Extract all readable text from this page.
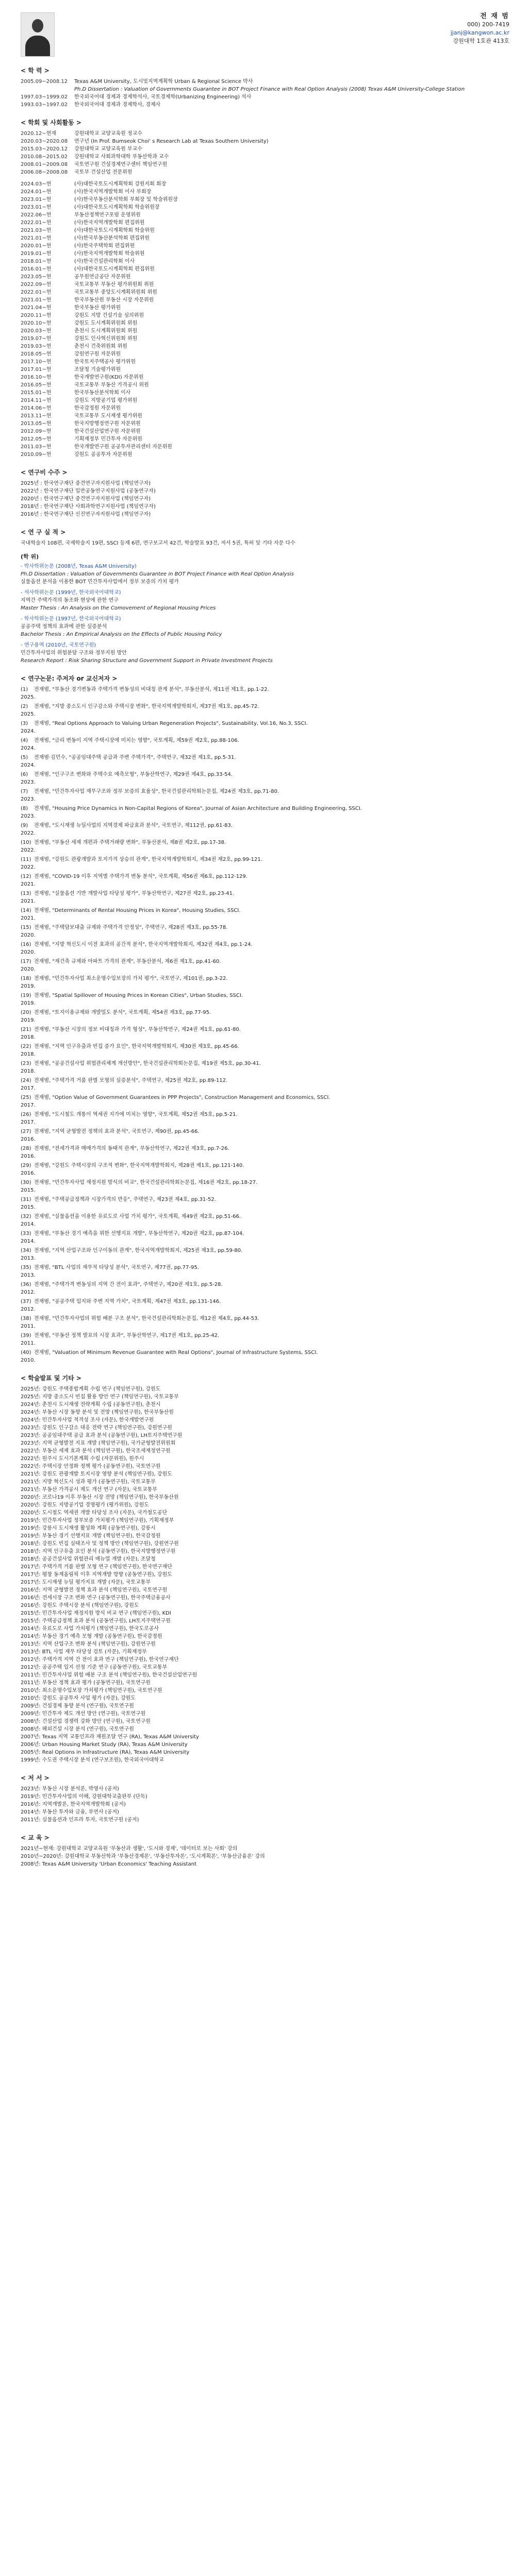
전 재 범
000) 200-7419
jjanj@kangwon.ac.kr
강원대학 1호관 413호
< 학 력 >
2005.09~2008.12	Texas A&M University, 도시및지역계획학 Urban & Regional Science 박사
Ph.D Dissertation : Valuation of Governments Guarantee in BOT Project Finance with Real Option Analysis (2008) Texas A&M University-College Station
1997.03~1999.02	한국외국어대 경제과 경제학석사, 국토경제학(Urbanizing Engineering) 석사
1993.03~1997.02	한국외국어대 경제과 경제학사, 경제사
< 학회 및 사회활동 >
2020.12~현재	강원대학교 교양교육원 정교수
2020.03~2020.08	연구년 (In Prof. Bumseok Choi' s Research Lab at Texas Southern University)
2015.03~2020.12	강원대학교 교양교육원 부교수
2010.08~2015.02	강원대학교 사회과학대학 부동산학과 교수
2008.01~2009.08	국토연구원 건설경제연구센터 책임연구원
2006.08~2008.08	국토부 건설산업 전문위원
2024.03~현	(사)대한국토도시계획학회 강원지회 회장
2024.01~현	(사)한국지역개발학회 이사 부회장
2023.01~현	(사)한국부동산분석학회 부회장 및 학술위원장
2023.01~현	(사)대한국토도시계획학회 학술위원장
2022.06~현	부동산정책연구포럼 운영위원
2022.01~현	(사)한국지역개발학회 편집위원
2021.03~현	(사)대한국토도시계획학회 학술위원
2021.01~현	(사)한국부동산분석학회 편집위원
2020.01~현	(사)한국주택학회 편집위원
2019.01~현	(사)한국지역개발학회 학술위원
2018.01~현	(사)한국건설관리학회 이사
2016.01~현	(사)대한국토도시계획학회 편집위원
2023.05~현	공무원연금공단 자문위원
2022.09~현	국토교통부 부동산 평가위원회 위원
2022.01~현	국토교통부 중앙도시계획위원회 위원
2021.01~현	한국부동산원 부동산 시장 자문위원
2021.04~현	한국부동산 평가위원
2020.11~현	강원도 지방 건설기술 심의위원
2020.10~현	강원도 도시계획위원회 위원
2020.03~현	춘천시 도시계획위원회 위원
2019.07~현	강원도 인사혁신위원회 위원
2019.03~현	춘천시 건축위원회 위원
2018.05~현	강원연구원 자문위원
2017.10~현	한국토지주택공사 평가위원
2017.01~현	조달청 기술평가위원
2016.10~현	한국개발연구원(KDI) 자문위원
2016.05~현	국토교통부 부동산 가격공시 위원
2015.01~현	한국부동산분석학회 이사
2014.11~현	강원도 지방공기업 평가위원
2014.06~현	한국감정원 자문위원
2013.11~현	국토교통부 도시재생 평가위원
2013.05~현	한국지방행정연구원 자문위원
2012.09~현	한국건설산업연구원 자문위원
2012.05~현	기획재정부 민간투자 자문위원
2011.03~현	한국개발연구원 공공투자관리센터 자문위원
2010.09~현	강원도 공공투자 자문위원
< 연구비 수주 >
2025년 : 한국연구재단 중견연구자지원사업 (책임연구자)
2022년 : 한국연구재단 일반공동연구지원사업 (공동연구자)
2020년 : 한국연구재단 중견연구자지원사업 (책임연구자)
2018년 : 한국연구재단 사회과학연구지원사업 (책임연구자)
2016년 : 한국연구재단 신진연구자지원사업 (책임연구자)
< 연 구 실 적 >
국내학술지 108편, 국제학술지 19편, SSCI 등재 6편, 연구보고서 42건, 학술발표 93건, 저서 5권, 특허 및 기타 자문 다수
(학 위)
- 박사학위논문 (2008년, Texas A&M University)
Ph.D Dissertation : Valuation of Governments Guarantee in BOT Project Finance with Real Option Analysis
실물옵션 분석을 이용한 BOT 민간투자사업에서 정부 보증의 가치 평가
- 석사학위논문 (1999년, 한국외국어대학교)
지역간 주택가격의 동조화 현상에 관한 연구
Master Thesis : An Analysis on the Comovement of Regional Housing Prices
- 학사학위논문 (1997년, 한국외국어대학교)
공공주택 정책의 효과에 관한 실증분석
Bachelor Thesis : An Empirical Analysis on the Effects of Public Housing Policy
- 연구용역 (2010년, 국토연구원)
민간투자사업의 위험분담 구조와 정부지원 방안
Research Report : Risk Sharing Structure and Government Support in Private Investment Projects
< 연구논문: 주저자 or 교신저자 >
(1) 2025.
전재범, "부동산 경기변동과 주택가격 변동성의 비대칭 관계 분석", 부동산분석, 제11권 제1호, pp.1-22.
(2) 2025.
전재범, "지방 중소도시 인구감소와 주택시장 변화", 한국지역개발학회지, 제37권 제1호, pp.45-72.
(3) 2024.
전재범, "Real Options Approach to Valuing Urban Regeneration Projects", Sustainability, Vol.16, No.3, SSCI.
(4) 2024.
전재범, "금리 변동이 지역 주택시장에 미치는 영향", 국토계획, 제59권 제2호, pp.88-106.
(5) 2024.
전재범·김민수, "공공임대주택 공급과 주변 주택가격", 주택연구, 제32권 제1호, pp.5-31.
(6) 2023.
전재범, "인구구조 변화와 주택수요 예측모형", 부동산학연구, 제29권 제4호, pp.33-54.
(7) 2023.
전재범, "민간투자사업 재무구조와 정부 보증의 효율성", 한국건설관리학회논문집, 제24권 제3호, pp.71-80.
(8) 2023.
전재범, "Housing Price Dynamics in Non-Capital Regions of Korea", Journal of Asian Architecture and Building Engineering, SSCI.
(9) 2022.
전재범, "도시재생 뉴딜사업의 지역경제 파급효과 분석", 국토연구, 제112권, pp.61-83.
(10) 2022.
전재범, "부동산 세제 개편과 주택거래량 변화", 부동산분석, 제8권 제2호, pp.17-38.
(11) 2022.
전재범, "강원도 관광개발과 토지가격 상승의 관계", 한국지역개발학회지, 제34권 제2호, pp.99-121.
(12) 2021.
전재범, "COVID-19 이후 지역별 주택가격 변동 분석", 국토계획, 제56권 제6호, pp.112-129.
(13) 2021.
전재범, "실물옵션 기반 개발사업 타당성 평가", 부동산학연구, 제27권 제2호, pp.23-41.
(14) 2021.
전재범, "Determinants of Rental Housing Prices in Korea", Housing Studies, SSCI.
(15) 2020.
전재범, "주택담보대출 규제와 주택가격 안정성", 주택연구, 제28권 제3호, pp.55-78.
(16) 2020.
전재범, "지방 혁신도시 이전 효과의 공간적 분석", 한국지역개발학회지, 제32권 제4호, pp.1-24.
(17) 2020.
전재범, "재건축 규제와 아파트 가격의 관계", 부동산분석, 제6권 제1호, pp.41-60.
(18) 2019.
전재범, "민간투자사업 최소운영수입보장의 가치 평가", 국토연구, 제101권, pp.3-22.
(19) 2019.
전재범, "Spatial Spillover of Housing Prices in Korean Cities", Urban Studies, SSCI.
(20) 2019.
전재범, "토지이용규제와 개발밀도 분석", 국토계획, 제54권 제3호, pp.77-95.
(21) 2018.
전재범, "부동산 시장의 정보 비대칭과 가격 형성", 부동산학연구, 제24권 제1호, pp.61-80.
(22) 2018.
전재범, "지역 인구유출과 빈집 증가 요인", 한국지역개발학회지, 제30권 제3호, pp.45-66.
(23) 2018.
전재범, "공공건설사업 위험관리체계 개선방안", 한국건설관리학회논문집, 제19권 제5호, pp.30-41.
(24) 2017.
전재범, "주택가격 거품 판별 모형의 실증분석", 주택연구, 제25권 제2호, pp.89-112.
(25) 2017.
전재범, "Option Value of Government Guarantees in PPP Projects", Construction Management and Economics, SSCI.
(26) 2017.
전재범, "도시철도 개통이 역세권 지가에 미치는 영향", 국토계획, 제52권 제5호, pp.5-21.
(27) 2016.
전재범, "지역 균형발전 정책의 효과 분석", 국토연구, 제90권, pp.45-66.
(28) 2016.
전재범, "전세가격과 매매가격의 동태적 관계", 부동산학연구, 제22권 제3호, pp.7-26.
(29) 2016.
전재범, "강원도 주택시장의 구조적 변화", 한국지역개발학회지, 제28권 제1호, pp.121-140.
(30) 2015.
전재범, "민간투자사업 재정지원 방식의 비교", 한국건설관리학회논문집, 제16권 제2호, pp.18-27.
(31) 2015.
전재범, "주택공급정책과 시장가격의 반응", 주택연구, 제23권 제4호, pp.31-52.
(32) 2014.
전재범, "실물옵션을 이용한 유료도로 사업 가치 평가", 국토계획, 제49권 제2호, pp.51-66.
(33) 2014.
전재범, "부동산 경기 예측을 위한 선행지표 개발", 부동산학연구, 제20권 제2호, pp.87-104.
(34) 2013.
전재범, "지역 산업구조와 인구이동의 관계", 한국지역개발학회지, 제25권 제3호, pp.59-80.
(35) 2013.
전재범, "BTL 사업의 재무적 타당성 분석", 국토연구, 제77권, pp.77-95.
(36) 2012.
전재범, "주택가격 변동성의 지역 간 전이 효과", 주택연구, 제20권 제1호, pp.5-28.
(37) 2012.
전재범, "공공주택 입지와 주변 지역 가치", 국토계획, 제47권 제3호, pp.131-146.
(38) 2011.
전재범, "민간투자사업의 위험 배분 구조 분석", 한국건설관리학회논문집, 제12권 제4호, pp.44-53.
(39) 2011.
전재범, "부동산 정책 발표의 시장 효과", 부동산학연구, 제17권 제1호, pp.25-42.
(40) 2010.
전재범, "Valuation of Minimum Revenue Guarantee with Real Options", Journal of Infrastructure Systems, SSCI.
< 학술발표 및 기타 >
2025년: 강원도 주택종합계획 수립 연구 (책임연구원), 강원도
2025년: 지방 중소도시 빈집 활용 방안 연구 (책임연구원), 국토교통부
2024년: 춘천시 도시재생 전략계획 수립 (공동연구원), 춘천시
2024년: 부동산 시장 동향 분석 및 전망 (책임연구원), 한국부동산원
2024년: 민간투자사업 적격성 조사 (자문), 한국개발연구원
2023년: 강원도 인구감소 대응 전략 연구 (책임연구원), 강원연구원
2023년: 공공임대주택 공급 효과 분석 (공동연구원), LH토지주택연구원
2023년: 지역 균형발전 지표 개발 (책임연구원), 국가균형발전위원회
2022년: 부동산 세제 효과 분석 (책임연구원), 한국조세재정연구원
2022년: 원주시 도시기본계획 수립 (자문위원), 원주시
2022년: 주택시장 안정화 정책 평가 (공동연구원), 국토연구원
2021년: 강원도 관광개발 토지시장 영향 분석 (책임연구원), 강원도
2021년: 지방 혁신도시 성과 평가 (공동연구원), 국토교통부
2021년: 부동산 가격공시 제도 개선 연구 (자문), 국토교통부
2020년: 코로나19 이후 부동산 시장 전망 (책임연구원), 한국부동산원
2020년: 강원도 지방공기업 경영평가 (평가위원), 강원도
2020년: 도시철도 역세권 개발 타당성 조사 (자문), 국가철도공단
2019년: 민간투자사업 정부보증 가치평가 (책임연구원), 기획재정부
2019년: 강릉시 도시재생 활성화 계획 (공동연구원), 강릉시
2019년: 부동산 경기 선행지표 개발 (책임연구원), 한국감정원
2018년: 강원도 빈집 실태조사 및 정책 방안 (책임연구원), 강원연구원
2018년: 지역 인구유출 요인 분석 (공동연구원), 한국지방행정연구원
2018년: 공공건설사업 위험관리 매뉴얼 개발 (자문), 조달청
2017년: 주택가격 거품 판별 모형 연구 (책임연구원), 한국연구재단
2017년: 평창 동계올림픽 이후 지역개발 방향 (공동연구원), 강원도
2017년: 도시재생 뉴딜 평가지표 개발 (자문), 국토교통부
2016년: 지역 균형발전 정책 효과 분석 (책임연구원), 국토연구원
2016년: 전세시장 구조 변화 연구 (공동연구원), 한국주택금융공사
2016년: 강원도 주택시장 분석 (책임연구원), 강원도
2015년: 민간투자사업 재정지원 방식 비교 연구 (책임연구원), KDI
2015년: 주택공급정책 효과 분석 (공동연구원), LH토지주택연구원
2014년: 유료도로 사업 가치평가 (책임연구원), 한국도로공사
2014년: 부동산 경기 예측 모형 개발 (공동연구원), 한국감정원
2013년: 지역 산업구조 변화 분석 (책임연구원), 강원연구원
2013년: BTL 사업 재무 타당성 검토 (자문), 기획재정부
2012년: 주택가격 지역 간 전이 효과 연구 (책임연구원), 한국연구재단
2012년: 공공주택 입지 선정 기준 연구 (공동연구원), 국토교통부
2011년: 민간투자사업 위험 배분 구조 분석 (책임연구원), 한국건설산업연구원
2011년: 부동산 정책 효과 평가 (공동연구원), 국토연구원
2010년: 최소운영수입보장 가치평가 (책임연구원), 국토연구원
2010년: 강원도 공공투자 사업 평가 (자문), 강원도
2009년: 건설경제 동향 분석 (연구원), 국토연구원
2009년: 민간투자 제도 개선 방안 (연구원), 국토연구원
2008년: 건설산업 경쟁력 강화 방안 (연구원), 국토연구원
2008년: 해외건설 시장 분석 (연구원), 국토연구원
2007년: Texas 지역 교통인프라 재원조달 연구 (RA), Texas A&M University
2006년: Urban Housing Market Study (RA), Texas A&M University
2005년: Real Options in Infrastructure (RA), Texas A&M University
1999년: 수도권 주택시장 분석 (연구보조원), 한국외국어대학교
< 저 서 >
2023년: 부동산 시장 분석론, 박영사 (공저)
2019년: 민간투자사업의 이해, 강원대학교출판부 (단독)
2016년: 지역개발론, 한국지역개발학회 (공저)
2014년: 부동산 투자와 금융, 부연사 (공저)
2011년: 실물옵션과 인프라 투자, 국토연구원 (공저)
< 교 육 >
2021년~현재: 강원대학교 교양교육원 '부동산과 생활', '도시와 경제', '데이터로 보는 사회' 강의
2010년~2020년: 강원대학교 부동산학과 '부동산경제론', '부동산투자론', '도시계획론', '부동산금융론' 강의
2008년: Texas A&M University 'Urban Economics' Teaching Assistant
